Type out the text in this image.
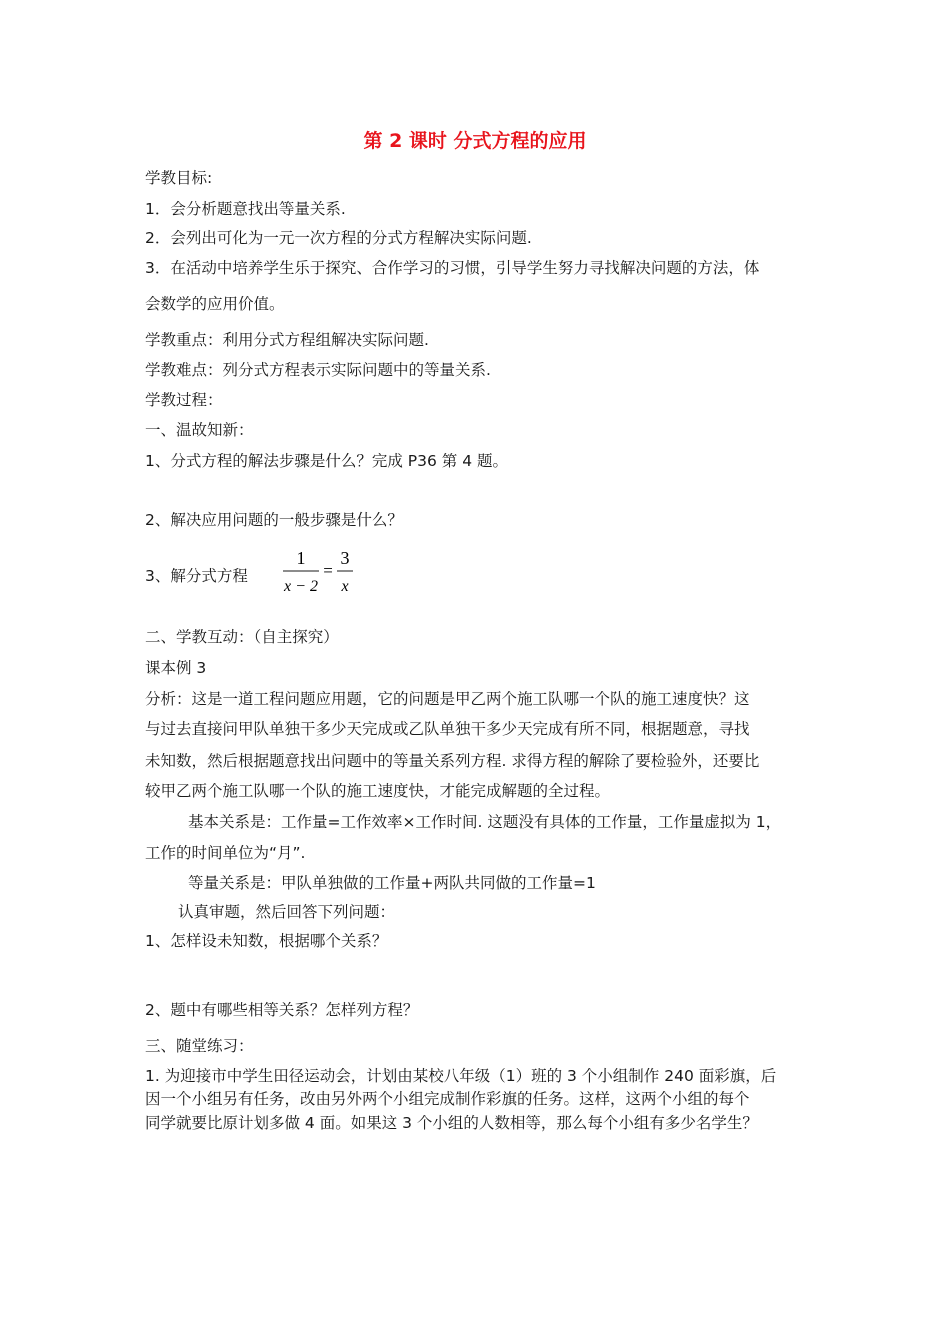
第 2 课时 分式方程的应用

学教目标:

1．会分析题意找出等量关系.

2．会列出可化为一元一次方程的分式方程解决实际问题.

3．在活动中培养学生乐于探究、合作学习的习惯，引导学生努力寻找解决问题的方法，体

会数学的应用价值。

学教重点：利用分式方程组解决实际问题.

学教难点：列分式方程表示实际问题中的等量关系.

学教过程：

一、温故知新：

1、分式方程的解法步骤是什么？完成 P36 第 4 题。

2、解决应用问题的一般步骤是什么？

3、解分式方程
1
x − 2
=
3
x

二、学教互动：（自主探究）

课本例 3

分析：这是一道工程问题应用题，它的问题是甲乙两个施工队哪一个队的施工速度快？这

与过去直接问甲队单独干多少天完成或乙队单独干多少天完成有所不同，根据题意，寻找

未知数，然后根据题意找出问题中的等量关系列方程. 求得方程的解除了要检验外，还要比

较甲乙两个施工队哪一个队的施工速度快，才能完成解题的全过程。

基本关系是：工作量=工作效率×工作时间. 这题没有具体的工作量，工作量虚拟为 1，

工作的时间单位为“月”.

等量关系是：甲队单独做的工作量+两队共同做的工作量=1

认真审题，然后回答下列问题：

1、怎样设未知数，根据哪个关系？

2、题中有哪些相等关系？怎样列方程？

三、随堂练习：

1. 为迎接市中学生田径运动会，计划由某校八年级（1）班的 3 个小组制作 240 面彩旗，后

因一个小组另有任务，改由另外两个小组完成制作彩旗的任务。这样，这两个小组的每个

同学就要比原计划多做 4 面。如果这 3 个小组的人数相等，那么每个小组有多少名学生？
